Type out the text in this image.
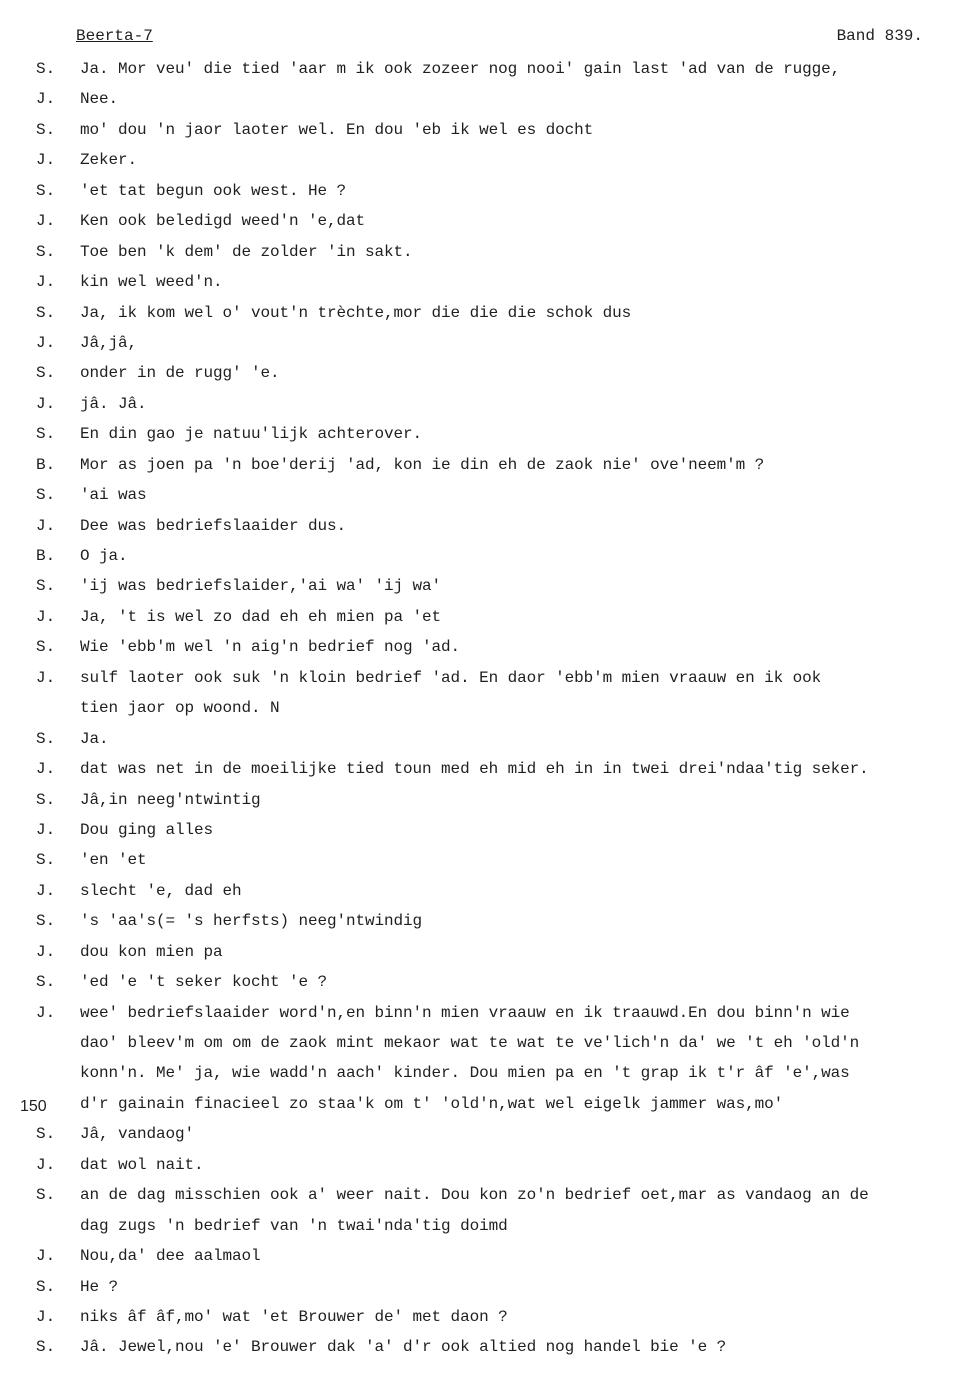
Beerta-7	Band 839.
150
S. Ja. Mor veu' die tied 'aar m ik ook zozeer nog nooi' gain last 'ad van de rugge,
J. Nee.
S. mo' dou 'n jaor laoter wel. En dou 'eb ik wel es docht
J. Zeker.
S. 'et tat begun ook west. He ?
J. Ken ook beledigd weed'n 'e,dat
S. Toe ben 'k dem' de zolder 'in sakt.
J. kin wel weed'n.
S. Ja, ik kom wel o' vout'n trèchte,mor die die die schok dus
J. Jâ,jâ,
S. onder in de rugg' 'e.
J. jâ. Jâ.
S. En din gao je natuu'lijk achterover.
B. Mor as joen pa 'n boe'derij 'ad, kon ie din eh de zaok nie' ove'neem'm ?
S. 'ai was
J. Dee was bedriefslaaider dus.
B. O ja.
S. 'ij was bedriefslaider,'ai wa' 'ij wa'
J. Ja, 't is wel zo dad eh eh mien pa 'et
S. Wie 'ebb'm wel 'n aig'n bedrief nog 'ad.
J. sulf laoter ook suk 'n kloin bedrief 'ad. En daor 'ebb'm mien vraauw en ik ook
tien jaor op woond. N
S. Ja.
J. dat was net in de moeilijke tied toun med eh mid eh in in twei drei'ndaa'tig seker.
S. Jâ,in neeg'ntwintig
J. Dou ging alles
S. 'en 'et
J. slecht 'e, dad eh
S. 's 'aa's(= 's herfsts) neeg'ntwindig
J. dou kon mien pa
S. 'ed 'e 't seker kocht 'e ?
J. wee' bedriefslaaider word'n,en binn'n mien vraauw en ik traauwd.En dou binn'n wie
dao' bleev'm om om de zaok mint mekaor wat te wat te ve'lich'n da' we 't eh 'old'n
konn'n. Me' ja, wie wadd'n aach' kinder. Dou mien pa en 't grap ik t'r âf 'e',was
d'r gainain finacieel zo staa'k om t' 'old'n,wat wel eigelk jammer was,mo'
S. Jâ, vandaog'
J. dat wol nait.
S. an de dag misschien ook a' weer nait. Dou kon zo'n bedrief oet,mar as vandaog an de
dag zugs 'n bedrief van 'n twai'nda'tig doimd
J. Nou,da' dee aalmaol
S. He ?
J. niks âf âf,mo' wat 'et Brouwer de' met daon ?
S. Jâ. Jewel,nou 'e' Brouwer dak 'a' d'r ook altied nog handel bie 'e ?
